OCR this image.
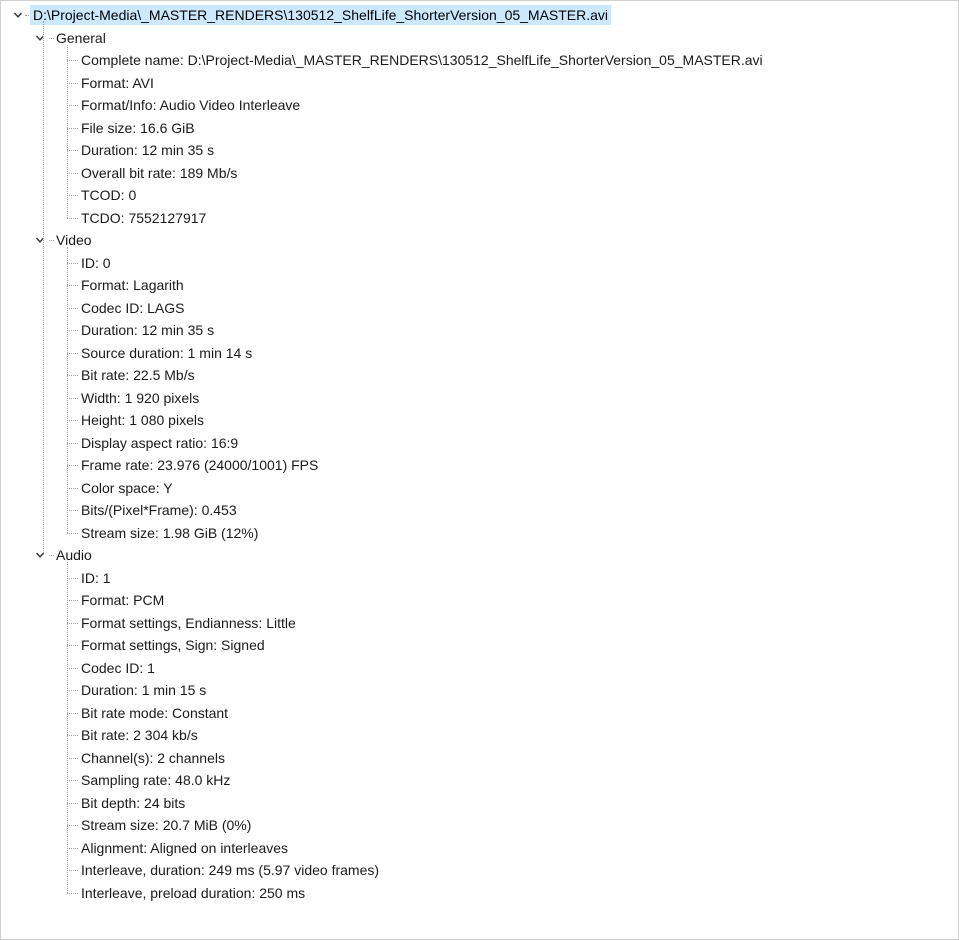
D:\Project-Media\_MASTER_RENDERS\130512_ShelfLife_ShorterVersion_05_MASTER.avi
General
Complete name: D:\Project-Media\_MASTER_RENDERS\130512_ShelfLife_ShorterVersion_05_MASTER.avi
Format: AVI
Format/Info: Audio Video Interleave
File size: 16.6 GiB
Duration: 12 min 35 s
Overall bit rate: 189 Mb/s
TCOD: 0
TCDO: 7552127917
Video
ID: 0
Format: Lagarith
Codec ID: LAGS
Duration: 12 min 35 s
Source duration: 1 min 14 s
Bit rate: 22.5 Mb/s
Width: 1 920 pixels
Height: 1 080 pixels
Display aspect ratio: 16:9
Frame rate: 23.976 (24000/1001) FPS
Color space: Y
Bits/(Pixel*Frame): 0.453
Stream size: 1.98 GiB (12%)
Audio
ID: 1
Format: PCM
Format settings, Endianness: Little
Format settings, Sign: Signed
Codec ID: 1
Duration: 1 min 15 s
Bit rate mode: Constant
Bit rate: 2 304 kb/s
Channel(s): 2 channels
Sampling rate: 48.0 kHz
Bit depth: 24 bits
Stream size: 20.7 MiB (0%)
Alignment: Aligned on interleaves
Interleave, duration: 249 ms (5.97 video frames)
Interleave, preload duration: 250 ms
